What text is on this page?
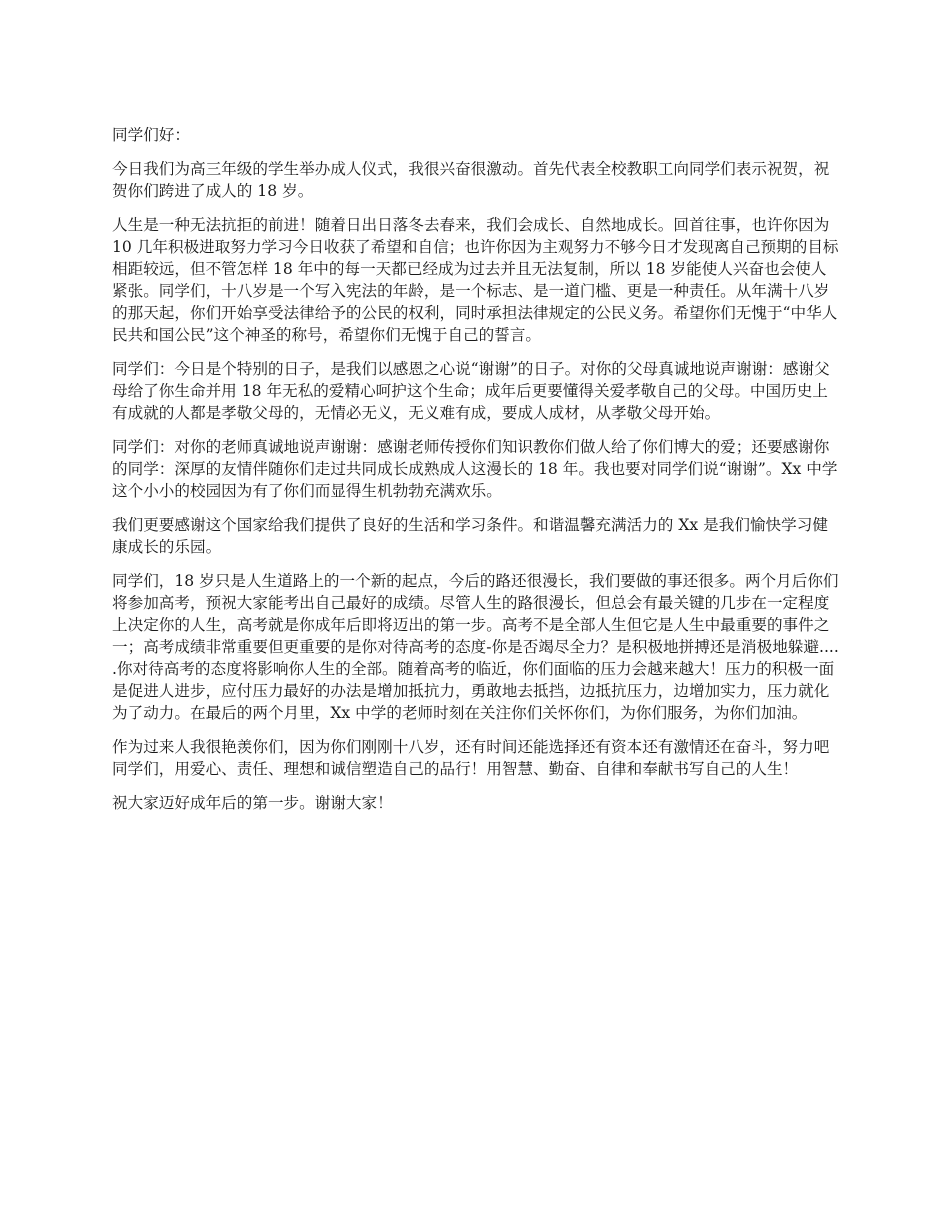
同学们好：

今日我们为高三年级的学生举办成人仪式，我很兴奋很激动。首先代表全校教职工向同学们表示祝贺，祝贺你们跨进了成人的 18 岁。

人生是一种无法抗拒的前进！随着日出日落冬去春来，我们会成长、自然地成长。回首往事，也许你因为 10 几年积极进取努力学习今日收获了希望和自信；也许你因为主观努力不够今日才发现离自己预期的目标相距较远，但不管怎样 18 年中的每一天都已经成为过去并且无法复制，所以 18 岁能使人兴奋也会使人紧张。同学们，十八岁是一个写入宪法的年龄，是一个标志、是一道门槛、更是一种责任。从年满十八岁的那天起，你们开始享受法律给予的公民的权利，同时承担法律规定的公民义务。希望你们无愧于“中华人民共和国公民”这个神圣的称号，希望你们无愧于自己的誓言。

同学们：今日是个特别的日子，是我们以感恩之心说“谢谢”的日子。对你的父母真诚地说声谢谢：感谢父母给了你生命并用 18 年无私的爱精心呵护这个生命；成年后更要懂得关爱孝敬自己的父母。中国历史上有成就的人都是孝敬父母的，无情必无义，无义难有成，要成人成材，从孝敬父母开始。

同学们：对你的老师真诚地说声谢谢：感谢老师传授你们知识教你们做人给了你们博大的爱；还要感谢你的同学：深厚的友情伴随你们走过共同成长成熟成人这漫长的 18 年。我也要对同学们说“谢谢”。Xx 中学这个小小的校园因为有了你们而显得生机勃勃充满欢乐。

我们更要感谢这个国家给我们提供了良好的生活和学习条件。和谐温馨充满活力的 Xx 是我们愉快学习健康成长的乐园。

同学们，18 岁只是人生道路上的一个新的起点，今后的路还很漫长，我们要做的事还很多。两个月后你们将参加高考，预祝大家能考出自己最好的成绩。尽管人生的路很漫长，但总会有最关键的几步在一定程度上决定你的人生，高考就是你成年后即将迈出的第一步。高考不是全部人生但它是人生中最重要的事件之一；高考成绩非常重要但更重要的是你对待高考的态度-你是否竭尽全力？是积极地拼搏还是消极地躲避.....你对待高考的态度将影响你人生的全部。随着高考的临近，你们面临的压力会越来越大！压力的积极一面是促进人进步，应付压力最好的办法是增加抵抗力，勇敢地去抵挡，边抵抗压力，边增加实力，压力就化为了动力。在最后的两个月里，Xx 中学的老师时刻在关注你们关怀你们，为你们服务，为你们加油。

作为过来人我很艳羡你们，因为你们刚刚十八岁，还有时间还能选择还有资本还有激情还在奋斗，努力吧同学们，用爱心、责任、理想和诚信塑造自己的品行！用智慧、勤奋、自律和奉献书写自己的人生！

祝大家迈好成年后的第一步。谢谢大家！
